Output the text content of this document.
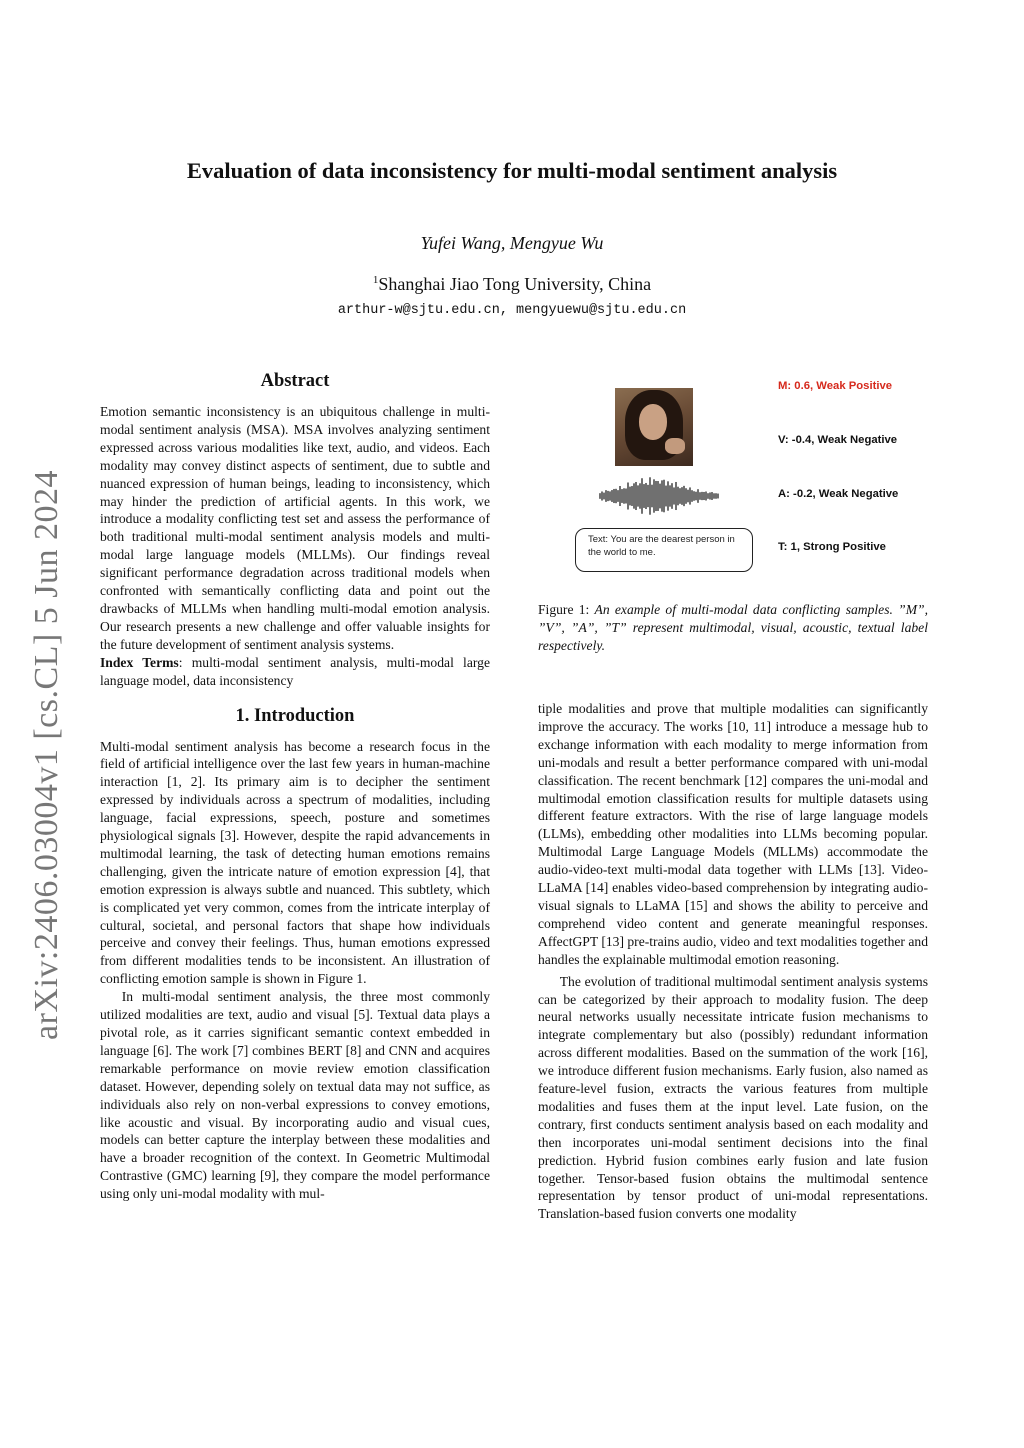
Evaluation of data inconsistency for multi-modal sentiment analysis
Yufei Wang, Mengyue Wu
$^1$Shanghai Jiao Tong University, China
arthur-w@sjtu.edu.cn, mengyuewu@sjtu.edu.cn
arXiv:2406.03004v1 [cs.CL] 5 Jun 2024
Abstract

Emotion semantic inconsistency is an ubiquitous challenge in multi-modal sentiment analysis (MSA). MSA involves analyzing sentiment expressed across various modalities like text, audio, and videos. Each modality may convey distinct aspects of sentiment, due to subtle and nuanced expression of human beings, leading to inconsistency, which may hinder the prediction of artificial agents. In this work, we introduce a modality conflicting test set and assess the performance of both traditional multi-modal sentiment analysis models and multi-modal large language models (MLLMs). Our findings reveal significant performance degradation across traditional models when confronted with semantically conflicting data and point out the drawbacks of MLLMs when handling multi-modal emotion analysis. Our research presents a new challenge and offer valuable insights for the future development of sentiment analysis systems.

Index Terms: multi-modal sentiment analysis, multi-modal large language model, data inconsistency

1. Introduction

Multi-modal sentiment analysis has become a research focus in the field of artificial intelligence over the last few years in human-machine interaction [1, 2]. Its primary aim is to decipher the sentiment expressed by individuals across a spectrum of modalities, including language, facial expressions, speech, posture and sometimes physiological signals [3]. However, despite the rapid advancements in multimodal learning, the task of detecting human emotions remains challenging, given the intricate nature of emotion expression [4], that emotion expression is always subtle and nuanced. This subtlety, which is complicated yet very common, comes from the intricate interplay of cultural, societal, and personal factors that shape how individuals perceive and convey their feelings. Thus, human emotions expressed from different modalities tends to be inconsistent. An illustration of conflicting emotion sample is shown in Figure 1.

In multi-modal sentiment analysis, the three most commonly utilized modalities are text, audio and visual [5]. Textual data plays a pivotal role, as it carries significant semantic context embedded in language [6]. The work [7] combines BERT [8] and CNN and acquires remarkable performance on movie review emotion classification dataset. However, depending solely on textual data may not suffice, as individuals also rely on non-verbal expressions to convey emotions, like acoustic and visual. By incorporating audio and visual cues, models can better capture the interplay between these modalities and have a broader recognition of the context. In Geometric Multimodal Contrastive (GMC) learning [9], they compare the model performance using only uni-modal modality with mul-

Text: You are the dearest person in the world to me.
M: 0.6, Weak Positive
V: -0.4, Weak Negative
A: -0.2, Weak Negative
T: 1, Strong Positive
Figure 1: An example of multi-modal data conflicting samples. ”M”, ”V”, ”A”, ”T” represent multimodal, visual, acoustic, textual label respectively.

tiple modalities and prove that multiple modalities can significantly improve the accuracy. The works [10, 11] introduce a message hub to exchange information with each modality to merge information from uni-modals and result a better performance compared with uni-modal classification. The recent benchmark [12] compares the uni-modal and multimodal emotion classification results for multiple datasets using different feature extractors. With the rise of large language models (LLMs), embedding other modalities into LLMs becoming popular. Multimodal Large Language Models (MLLMs) accommodate the audio-video-text multi-modal data together with LLMs [13]. Video-LLaMA [14] enables video-based comprehension by integrating audio-visual signals to LLaMA [15] and shows the ability to perceive and comprehend video content and generate meaningful responses. AffectGPT [13] pre-trains audio, video and text modalities together and handles the explainable multimodal emotion reasoning.

The evolution of traditional multimodal sentiment analysis systems can be categorized by their approach to modality fusion. The deep neural networks usually necessitate intricate fusion mechanisms to integrate complementary but also (possibly) redundant information across different modalities. Based on the summation of the work [16], we introduce different fusion mechanisms. Early fusion, also named as feature-level fusion, extracts the various features from multiple modalities and fuses them at the input level. Late fusion, on the contrary, first conducts sentiment analysis based on each modality and then incorporates uni-modal sentiment decisions into the final prediction. Hybrid fusion combines early fusion and late fusion together. Tensor-based fusion obtains the multimodal sentence representation by tensor product of uni-modal representations. Translation-based fusion converts one modality
